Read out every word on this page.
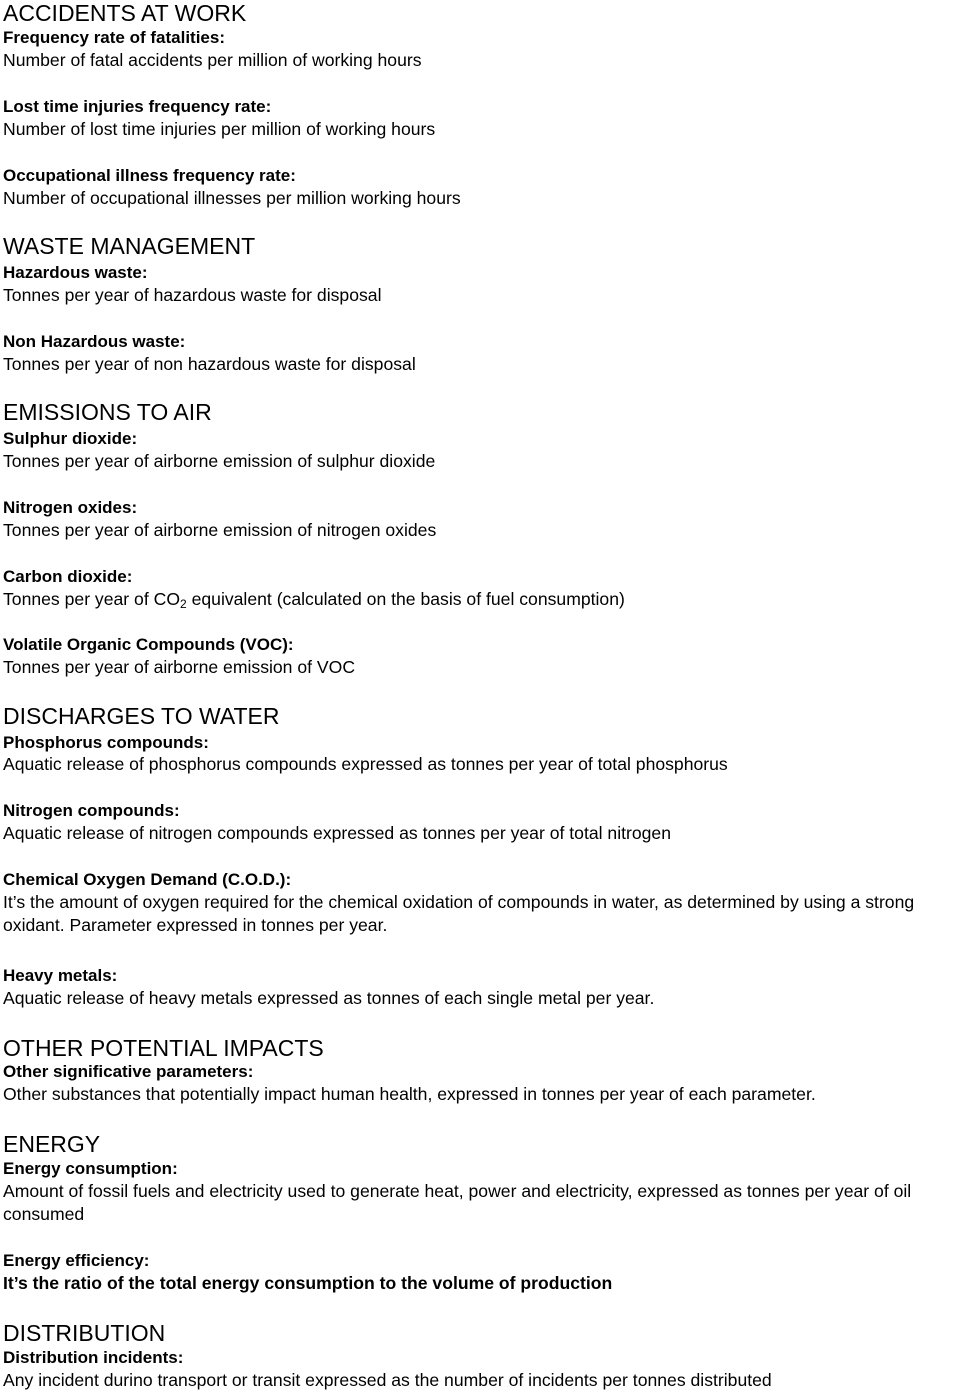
ACCIDENTS AT WORK
Frequency rate of fatalities:
Number of fatal accidents per million of working hours
Lost time injuries frequency rate:
Number of lost time injuries per million of working hours
Occupational illness frequency rate:
Number of occupational illnesses per million working hours
WASTE MANAGEMENT
Hazardous waste:
Tonnes per year of hazardous waste for disposal
Non Hazardous waste:
Tonnes per year of non hazardous waste for disposal
EMISSIONS TO AIR
Sulphur dioxide:
Tonnes per year of airborne emission of sulphur dioxide
Nitrogen oxides:
Tonnes per year of airborne emission of nitrogen oxides
Carbon dioxide:
Tonnes per year of $CO_2$ equivalent (calculated on the basis of fuel consumption)
Volatile Organic Compounds (VOC):
Tonnes per year of airborne emission of VOC
DISCHARGES TO WATER
Phosphorus compounds:
Aquatic release of phosphorus compounds expressed as tonnes per year of total phosphorus
Nitrogen compounds:
Aquatic release of nitrogen compounds expressed as tonnes per year of total nitrogen
Chemical Oxygen Demand (C.O.D.):
It’s the amount of oxygen required for the chemical oxidation of compounds in water, as determined by using a strong oxidant. Parameter expressed in tonnes per year.
Heavy metals:
Aquatic release of heavy metals expressed as tonnes of each single metal per year.
OTHER POTENTIAL IMPACTS
Other significative parameters:
Other substances that potentially impact human health, expressed in tonnes per year of each parameter.
ENERGY
Energy consumption:
Amount of fossil fuels and electricity used to generate heat, power and electricity, expressed as tonnes per year of oil consumed
Energy efficiency:
It’s the ratio of the total energy consumption to the volume of production
DISTRIBUTION
Distribution incidents:
Any incident durino transport or transit expressed as the number of incidents per tonnes distributed
